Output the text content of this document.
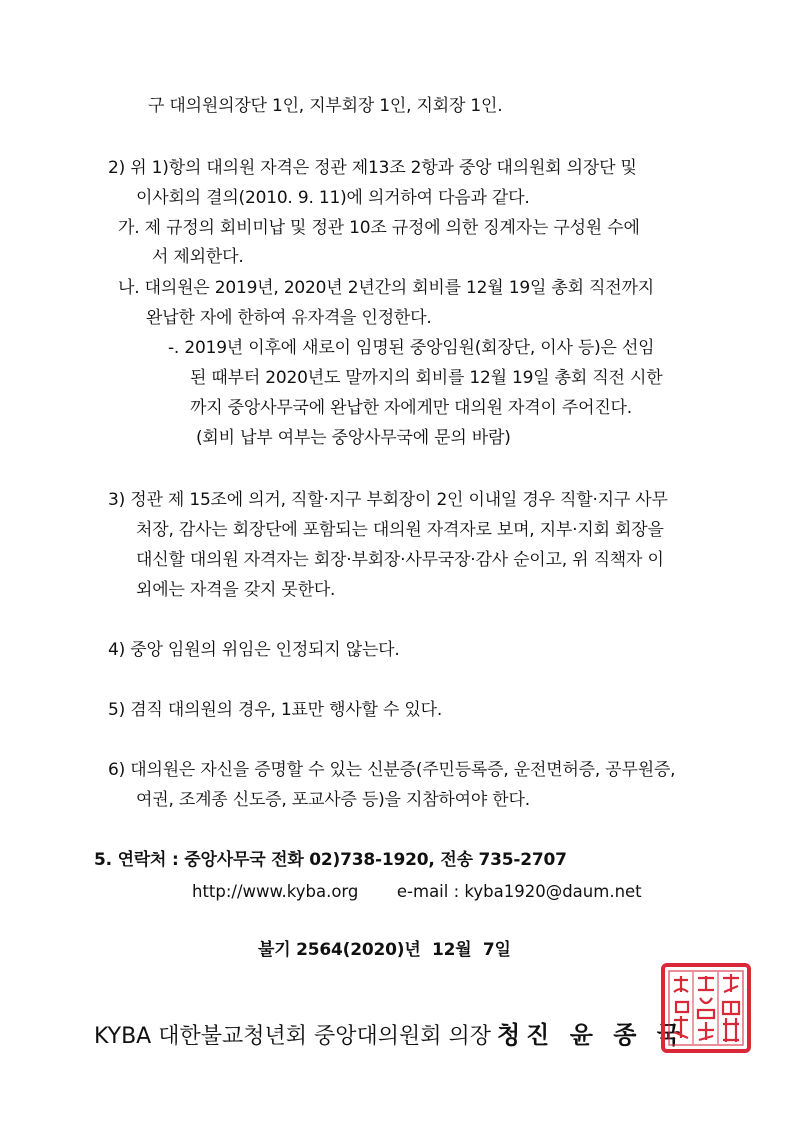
구 대의원의장단 1인, 지부회장 1인, 지회장 1인.
2) 위 1)항의 대의원 자격은 정관 제13조 2항과 중앙 대의원회 의장단 및
이사회의 결의(2010. 9. 11)에 의거하여 다음과 같다.
가. 제 규정의 회비미납 및 정관 10조 규정에 의한 징계자는 구성원 수에
서 제외한다.
나. 대의원은 2019년, 2020년 2년간의 회비를 12월 19일 총회 직전까지
완납한 자에 한하여 유자격을 인정한다.
-. 2019년 이후에 새로이 임명된 중앙임원(회장단, 이사 등)은 선임
된 때부터 2020년도 말까지의 회비를 12월 19일 총회 직전 시한
까지 중앙사무국에 완납한 자에게만 대의원 자격이 주어진다.
(회비 납부 여부는 중앙사무국에 문의 바람)
3) 정관 제 15조에 의거, 직할·지구 부회장이 2인 이내일 경우 직할·지구 사무
처장, 감사는 회장단에 포함되는 대의원 자격자로 보며, 지부·지회 회장을
대신할 대의원 자격자는 회장·부회장·사무국장·감사 순이고, 위 직책자 이
외에는 자격을 갖지 못한다.
4) 중앙 임원의 위임은 인정되지 않는다.
5) 겸직 대의원의 경우, 1표만 행사할 수 있다.
6) 대의원은 자신을 증명할 수 있는 신분증(주민등록증, 운전면허증, 공무원증,
여권, 조계종 신도증, 포교사증 등)을 지참하여야 한다.
5. 연락처 : 중앙사무국 전화 02)738-1920, 전송 735-2707
http://www.kyba.org e-mail : kyba1920@daum.net
불기 2564(2020)년  12월  7일
KYBA 대한불교청년회 중앙대의원회 의장 청진 윤 종 국
